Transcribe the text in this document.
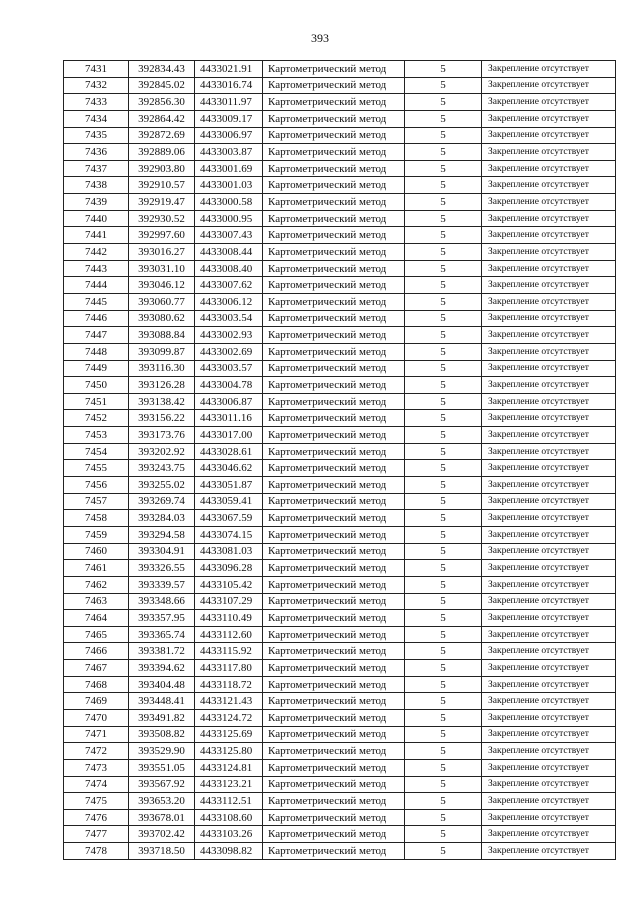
393
7431	392834.43	4433021.91	Картометрический метод	5	Закрепление отсутствует
7432	392845.02	4433016.74	Картометрический метод	5	Закрепление отсутствует
7433	392856.30	4433011.97	Картометрический метод	5	Закрепление отсутствует
7434	392864.42	4433009.17	Картометрический метод	5	Закрепление отсутствует
7435	392872.69	4433006.97	Картометрический метод	5	Закрепление отсутствует
7436	392889.06	4433003.87	Картометрический метод	5	Закрепление отсутствует
7437	392903.80	4433001.69	Картометрический метод	5	Закрепление отсутствует
7438	392910.57	4433001.03	Картометрический метод	5	Закрепление отсутствует
7439	392919.47	4433000.58	Картометрический метод	5	Закрепление отсутствует
7440	392930.52	4433000.95	Картометрический метод	5	Закрепление отсутствует
7441	392997.60	4433007.43	Картометрический метод	5	Закрепление отсутствует
7442	393016.27	4433008.44	Картометрический метод	5	Закрепление отсутствует
7443	393031.10	4433008.40	Картометрический метод	5	Закрепление отсутствует
7444	393046.12	4433007.62	Картометрический метод	5	Закрепление отсутствует
7445	393060.77	4433006.12	Картометрический метод	5	Закрепление отсутствует
7446	393080.62	4433003.54	Картометрический метод	5	Закрепление отсутствует
7447	393088.84	4433002.93	Картометрический метод	5	Закрепление отсутствует
7448	393099.87	4433002.69	Картометрический метод	5	Закрепление отсутствует
7449	393116.30	4433003.57	Картометрический метод	5	Закрепление отсутствует
7450	393126.28	4433004.78	Картометрический метод	5	Закрепление отсутствует
7451	393138.42	4433006.87	Картометрический метод	5	Закрепление отсутствует
7452	393156.22	4433011.16	Картометрический метод	5	Закрепление отсутствует
7453	393173.76	4433017.00	Картометрический метод	5	Закрепление отсутствует
7454	393202.92	4433028.61	Картометрический метод	5	Закрепление отсутствует
7455	393243.75	4433046.62	Картометрический метод	5	Закрепление отсутствует
7456	393255.02	4433051.87	Картометрический метод	5	Закрепление отсутствует
7457	393269.74	4433059.41	Картометрический метод	5	Закрепление отсутствует
7458	393284.03	4433067.59	Картометрический метод	5	Закрепление отсутствует
7459	393294.58	4433074.15	Картометрический метод	5	Закрепление отсутствует
7460	393304.91	4433081.03	Картометрический метод	5	Закрепление отсутствует
7461	393326.55	4433096.28	Картометрический метод	5	Закрепление отсутствует
7462	393339.57	4433105.42	Картометрический метод	5	Закрепление отсутствует
7463	393348.66	4433107.29	Картометрический метод	5	Закрепление отсутствует
7464	393357.95	4433110.49	Картометрический метод	5	Закрепление отсутствует
7465	393365.74	4433112.60	Картометрический метод	5	Закрепление отсутствует
7466	393381.72	4433115.92	Картометрический метод	5	Закрепление отсутствует
7467	393394.62	4433117.80	Картометрический метод	5	Закрепление отсутствует
7468	393404.48	4433118.72	Картометрический метод	5	Закрепление отсутствует
7469	393448.41	4433121.43	Картометрический метод	5	Закрепление отсутствует
7470	393491.82	4433124.72	Картометрический метод	5	Закрепление отсутствует
7471	393508.82	4433125.69	Картометрический метод	5	Закрепление отсутствует
7472	393529.90	4433125.80	Картометрический метод	5	Закрепление отсутствует
7473	393551.05	4433124.81	Картометрический метод	5	Закрепление отсутствует
7474	393567.92	4433123.21	Картометрический метод	5	Закрепление отсутствует
7475	393653.20	4433112.51	Картометрический метод	5	Закрепление отсутствует
7476	393678.01	4433108.60	Картометрический метод	5	Закрепление отсутствует
7477	393702.42	4433103.26	Картометрический метод	5	Закрепление отсутствует
7478	393718.50	4433098.82	Картометрический метод	5	Закрепление отсутствует
